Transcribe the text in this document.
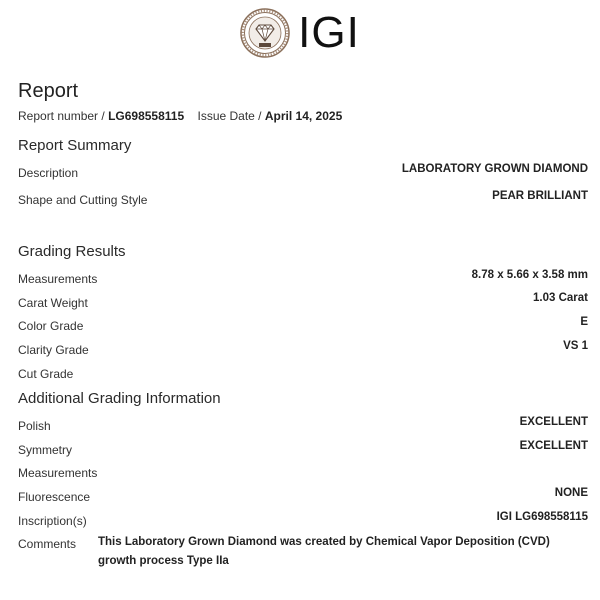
IGI
Report
Report number / LG698558115 Issue Date / April 14, 2025
Report Summary
Description	LABORATORY GROWN DIAMOND
Shape and Cutting Style	PEAR BRILLIANT
Grading Results
Measurements	8.78 x 5.66 x 3.58 mm
Carat Weight	1.03 Carat
Color Grade	E
Clarity Grade	VS 1
Cut Grade
Additional Grading Information
Polish	EXCELLENT
Symmetry	EXCELLENT
Measurements
Fluorescence	NONE
Inscription(s)	IGI LG698558115
Comments This Laboratory Grown Diamond was created by Chemical Vapor Deposition (CVD) growth process Type IIa
